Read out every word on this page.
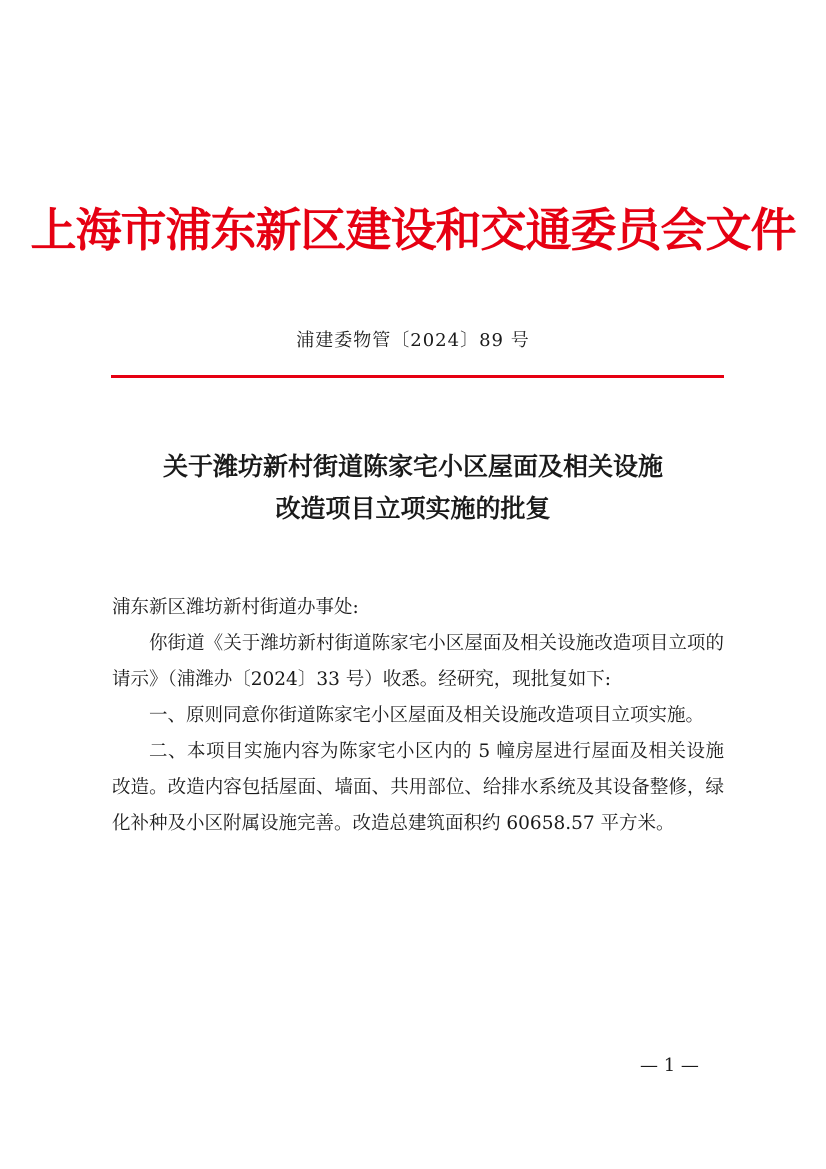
上海市浦东新区建设和交通委员会文件
浦建委物管〔2024〕89 号
关于潍坊新村街道陈家宅小区屋面及相关设施
改造项目立项实施的批复

浦东新区潍坊新村街道办事处:

你街道《关于潍坊新村街道陈家宅小区屋面及相关设施改造项目立项的请示》（浦潍办〔2024〕33 号）收悉。经研究，现批复如下:

一、原则同意你街道陈家宅小区屋面及相关设施改造项目立项实施。

二、本项目实施内容为陈家宅小区内的 5 幢房屋进行屋面及相关设施改造。改造内容包括屋面、墙面、共用部位、给排水系统及其设备整修，绿化补种及小区附属设施完善。改造总建筑面积约 60658.57 平方米。

— 1 —
